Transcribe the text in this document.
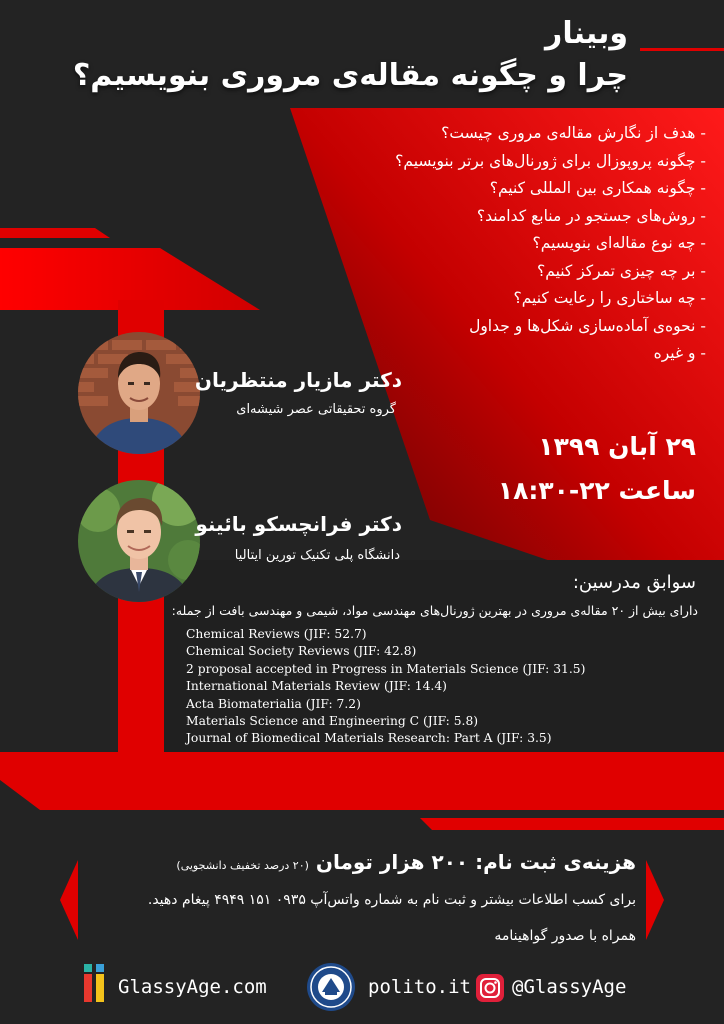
وبینار
چرا و چگونه مقاله‌ی مروری بنویسیم؟
- هدف از نگارش مقاله‌ی مروری چیست؟
- چگونه پروپوزال برای ژورنال‌های برتر بنویسیم؟
- چگونه همکاری بین المللی کنیم؟
- روش‌های جستجو در منابع کدامند؟
- چه نوع مقاله‌ای بنویسیم؟
- بر چه چیزی تمرکز کنیم؟
- چه ساختاری را رعایت کنیم؟
- نحوه‌ی آماده‌سازی شکل‌ها و جداول
- و غیره
دکتر مازیار منتظریان
گروه تحقیقاتی عصر شیشه‌ای
دکتر فرانچسکو بائینو
دانشگاه پلی تکنیک تورین ایتالیا
۲۹ آبان ۱۳۹۹
ساعت ۲۲-۱۸:۳۰
سوابق مدرسین:
دارای بیش از ۲۰ مقاله‌ی مروری در بهترین ژورنال‌های مهندسی مواد، شیمی و مهندسی بافت از جمله:
Chemical Reviews (JIF: 52.7)
Chemical Society Reviews (JIF: 42.8)
2 proposal accepted in Progress in Materials Science (JIF: 31.5)
International Materials Review (JIF: 14.4)
Acta Biomaterialia (JIF: 7.2)
Materials Science and Engineering C (JIF: 5.8)
Journal of Biomedical Materials Research: Part A (JIF: 3.5)
هزینه‌ی ثبت نام: ۲۰۰ هزار تومان (۲۰ درصد تخفیف دانشجویی)
برای کسب اطلاعات بیشتر و ثبت نام به شماره واتس‌آپ ۰۹۳۵ ۱۵۱ ۴۹۴۹ پیغام دهید.
همراه با صدور گواهینامه
GlassyAge.com	polito.it @GlassyAge
